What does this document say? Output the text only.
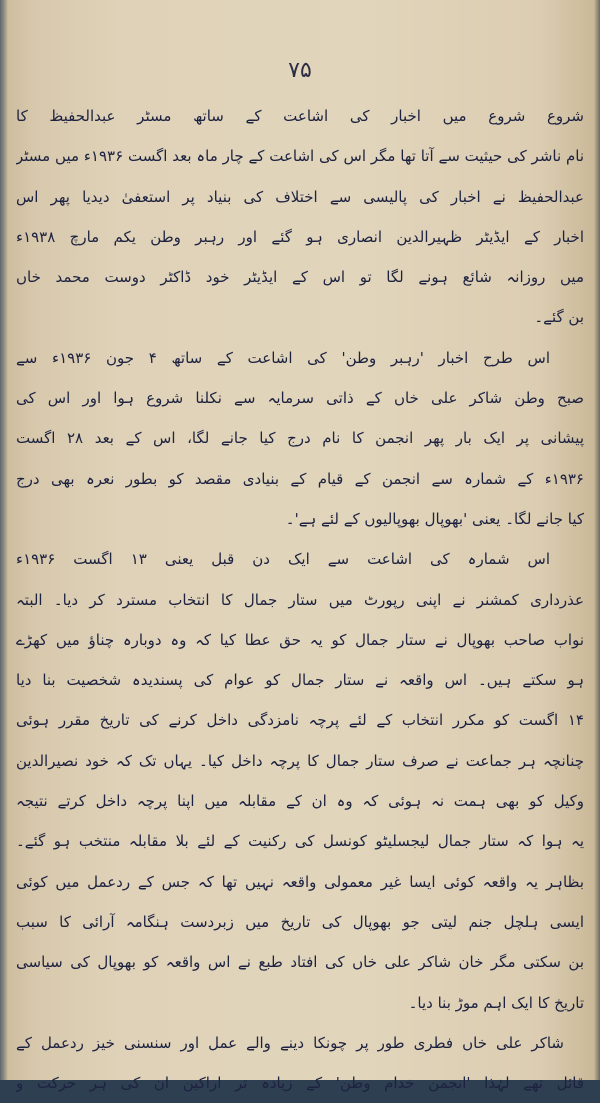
۷۵
شروع شروع میں اخبار کی اشاعت کے ساتھ مسٹر عبدالحفیظ کا
نام ناشر کی حیثیت سے آتا تھا مگر اس کی اشاعت کے چار ماہ بعد اگست ۱۹۳۶ء میں مسٹر
عبدالحفیظ نے اخبار کی پالیسی سے اختلاف کی بنیاد پر استعفیٰ دیدیا پھر اس
اخبار کے ایڈیٹر ظہیرالدین انصاری ہو گئے اور رہبر وطن یکم مارچ ۱۹۳۸ء
میں روزانہ شائع ہونے لگا تو اس کے ایڈیٹر خود ڈاکٹر دوست محمد خاں
بن گئے۔
اس طرح اخبار 'رہبر وطن' کی اشاعت کے ساتھ ۴ جون ۱۹۳۶ء سے
صبح وطن شاکر علی خاں کے ذاتی سرمایہ سے نکلنا شروع ہوا اور اس کی
پیشانی پر ایک بار پھر انجمن کا نام درج کیا جانے لگا، اس کے بعد ۲۸ اگست
۱۹۳۶ء کے شمارہ سے انجمن کے قیام کے بنیادی مقصد کو بطور نعرہ بھی درج
کیا جانے لگا۔ یعنی 'بھوپال بھوپالیوں کے لئے ہے'۔
اس شمارہ کی اشاعت سے ایک دن قبل یعنی ۱۳ اگست ۱۹۳۶ء
عذرداری کمشنر نے اپنی رپورٹ میں ستار جمال کا انتخاب مسترد کر دیا۔ البتہ
نواب صاحب بھوپال نے ستار جمال کو یہ حق عطا کیا کہ وہ دوبارہ چناؤ میں کھڑے
ہو سکتے ہیں۔ اس واقعہ نے ستار جمال کو عوام کی پسندیدہ شخصیت بنا دیا
۱۴ اگست کو مکرر انتخاب کے لئے پرچہ نامزدگی داخل کرنے کی تاریخ مقرر ہوئی
چنانچہ ہر جماعت نے صرف ستار جمال کا پرچہ داخل کیا۔ یہاں تک کہ خود نصیرالدین
وکیل کو بھی ہمت نہ ہوئی کہ وہ ان کے مقابلہ میں اپنا پرچہ داخل کرتے نتیجہ
یہ ہوا کہ ستار جمال لیجسلیٹو کونسل کی رکنیت کے لئے بلا مقابلہ منتخب ہو گئے۔
بظاہر یہ واقعہ کوئی ایسا غیر معمولی واقعہ نہیں تھا کہ جس کے ردعمل میں کوئی
ایسی ہلچل جنم لیتی جو بھوپال کی تاریخ میں زبردست ہنگامہ آرائی کا سبب
بن سکتی مگر خان شاکر علی خاں کی افتاد طبع نے اس واقعہ کو بھوپال کی سیاسی
تاریخ کا ایک اہم موڑ بنا دیا۔
شاکر علی خاں فطری طور پر چونکا دینے والے عمل اور سنسنی خیز ردعمل کے
قائل تھے لہٰذا 'انجمن خدام وطن' کے زیادہ تر اراکین ان کی ہر حرکت و
